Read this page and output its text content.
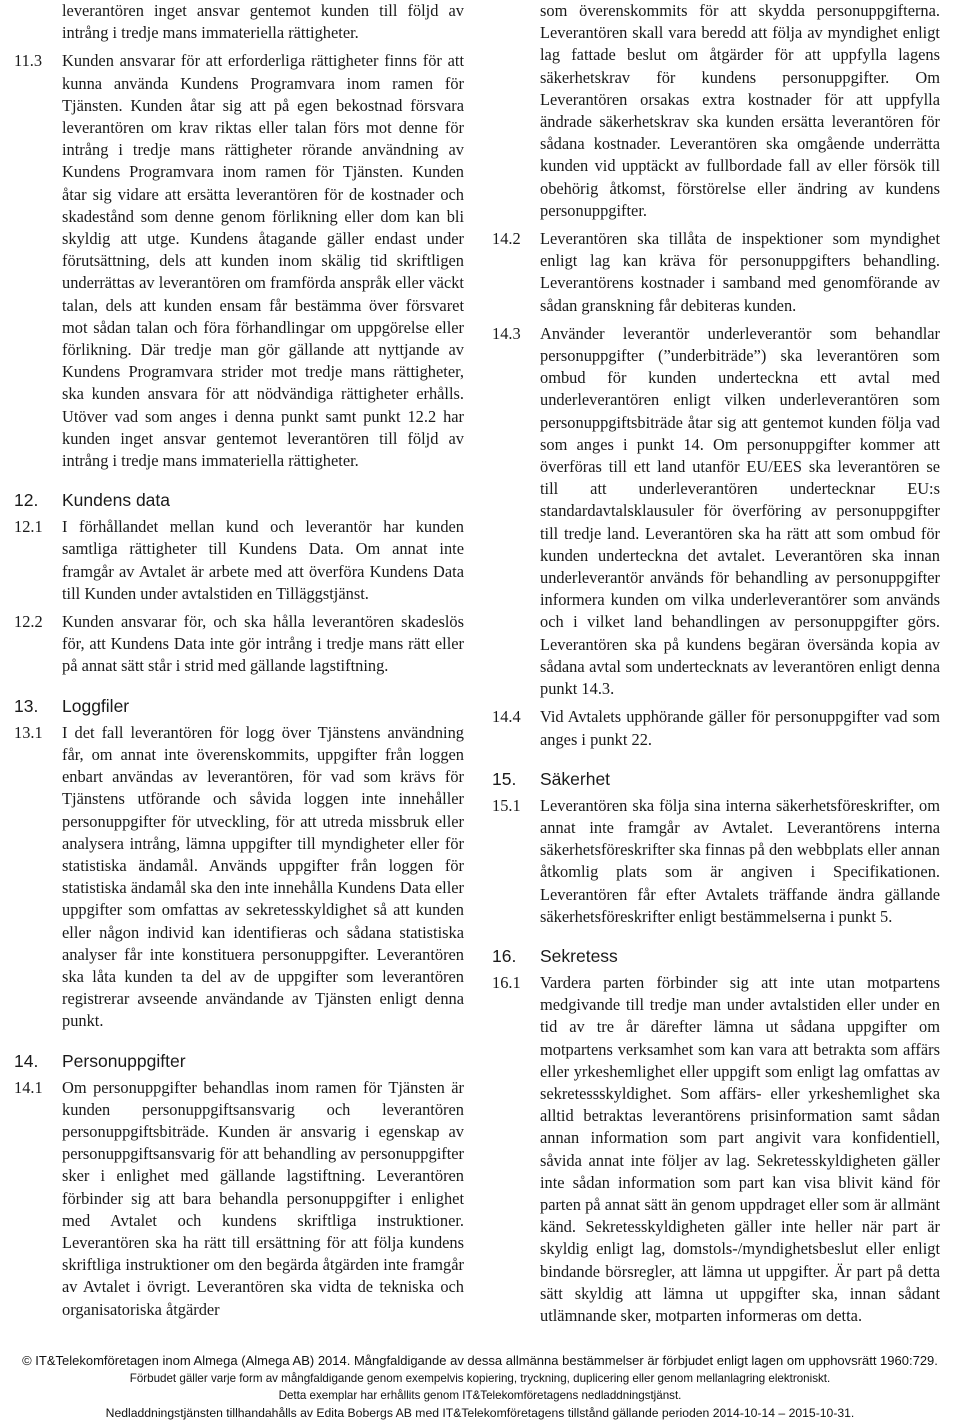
leverantören inget ansvar gentemot kunden till följd av intrång i tredje mans immateriella rättigheter.
11.3	Kunden ansvarar för att erforderliga rättigheter finns för att kunna använda Kundens Programvara inom ramen för Tjänsten. Kunden åtar sig att på egen bekostnad försvara leverantören om krav riktas eller talan förs mot denne för intrång i tredje mans rättigheter rörande användning av Kundens Programvara inom ramen för Tjänsten. Kunden åtar sig vidare att ersätta leverantören för de kostnader och skadestånd som denne genom förlikning eller dom kan bli skyldig att utge. Kundens åtagande gäller endast under förutsättning, dels att kunden inom skälig tid skriftligen underrättas av leverantören om framförda anspråk eller väckt talan, dels att kunden ensam får bestämma över försvaret mot sådan talan och föra förhandlingar om uppgörelse eller förlikning. Där tredje man gör gällande att nyttjande av Kundens Programvara strider mot tredje mans rättigheter, ska kunden ansvara för att nödvändiga rättigheter erhålls. Utöver vad som anges i denna punkt samt punkt 12.2 har kunden inget ansvar gentemot leverantören till följd av intrång i tredje mans immateriella rättigheter.
12.	Kundens data
12.1	I förhållandet mellan kund och leverantör har kunden samtliga rättigheter till Kundens Data. Om annat inte framgår av Avtalet är arbete med att överföra Kundens Data till Kunden under avtalstiden en Tilläggstjänst.
12.2	Kunden ansvarar för, och ska hålla leverantören skadeslös för, att Kundens Data inte gör intrång i tredje mans rätt eller på annat sätt står i strid med gällande lagstiftning.
13.	Loggfiler
13.1	I det fall leverantören för logg över Tjänstens användning får, om annat inte överenskommits, uppgifter från loggen enbart användas av leverantören, för vad som krävs för Tjänstens utförande och såvida loggen inte innehåller personuppgifter för utveckling, för att utreda missbruk eller analysera intrång, lämna uppgifter till myndigheter eller för statistiska ändamål. Används uppgifter från loggen för statistiska ändamål ska den inte innehålla Kundens Data eller uppgifter som omfattas av sekretesskyldighet så att kunden eller någon individ kan identifieras och sådana statistiska analyser får inte konstituera personuppgifter. Leverantören ska låta kunden ta del av de uppgifter som leverantören registrerar avseende användande av Tjänsten enligt denna punkt.
14.	Personuppgifter
14.1	Om personuppgifter behandlas inom ramen för Tjänsten är kunden personuppgiftsansvarig och leverantören personuppgiftsbiträde. Kunden är ansvarig i egenskap av personuppgiftsansvarig för att behandling av personuppgifter sker i enlighet med gällande lagstiftning. Leverantören förbinder sig att bara behandla personuppgifter i enlighet med Avtalet och kundens skriftliga instruktioner. Leverantören ska ha rätt till ersättning för att följa kundens skriftliga instruktioner om den begärda åtgärden inte framgår av Avtalet i övrigt. Leverantören ska vidta de tekniska och organisatoriska åtgärder
som överenskommits för att skydda personuppgifterna. Leverantören skall vara beredd att följa av myndighet enligt lag fattade beslut om åtgärder för att uppfylla lagens säkerhetskrav för kundens personuppgifter. Om Leverantören orsakas extra kostnader för att uppfylla ändrade säkerhetskrav ska kunden ersätta leverantören för sådana kostnader. Leverantören ska omgående underrätta kunden vid upptäckt av fullbordade fall av eller försök till obehörig åtkomst, förstörelse eller ändring av kundens personuppgifter.
14.2	Leverantören ska tillåta de inspektioner som myndighet enligt lag kan kräva för personuppgifters behandling. Leverantörens kostnader i samband med genomförande av sådan granskning får debiteras kunden.
14.3	Använder leverantör underleverantör som behandlar personuppgifter (”underbiträde”) ska leverantören som ombud för kunden underteckna ett avtal med underleverantören enligt vilken underleverantören som personuppgiftsbiträde åtar sig att gentemot kunden följa vad som anges i punkt 14. Om personuppgifter kommer att överföras till ett land utanför EU/EES ska leverantören se till att underleverantören undertecknar EU:s standardavtalsklausuler för överföring av personuppgifter till tredje land. Leverantören ska ha rätt att som ombud för kunden underteckna det avtalet. Leverantören ska innan underleverantör används för behandling av personuppgifter informera kunden om vilka underleverantörer som används och i vilket land behandlingen av personuppgifter görs. Leverantören ska på kundens begäran översända kopia av sådana avtal som undertecknats av leverantören enligt denna punkt 14.3.
14.4	Vid Avtalets upphörande gäller för personuppgifter vad som anges i punkt 22.
15.	Säkerhet
15.1	Leverantören ska följa sina interna säkerhetsföreskrifter, om annat inte framgår av Avtalet. Leverantörens interna säkerhetsföreskrifter ska finnas på den webbplats eller annan åtkomlig plats som är angiven i Specifikationen. Leverantören får efter Avtalets träffande ändra gällande säkerhetsföreskrifter enligt bestämmelserna i punkt 5.
16.	Sekretess
16.1	Vardera parten förbinder sig att inte utan motpartens medgivande till tredje man under avtalstiden eller under en tid av tre år därefter lämna ut sådana uppgifter om motpartens verksamhet som kan vara att betrakta som affärs eller yrkeshemlighet eller uppgift som enligt lag omfattas av sekretessskyldighet. Som affärs- eller yrkeshemlighet ska alltid betraktas leverantörens prisinformation samt sådan annan information som part angivit vara konfidentiell, såvida annat inte följer av lag. Sekretesskyldigheten gäller inte sådan information som part kan visa blivit känd för parten på annat sätt än genom uppdraget eller som är allmänt känd. Sekretesskyldigheten gäller inte heller när part är skyldig enligt lag, domstols-/myndighetsbeslut eller enligt bindande börsregler, att lämna ut uppgifter. Är part på detta sätt skyldig att lämna ut uppgifter ska, innan sådant utlämnande sker, motparten informeras om detta.
© IT&Telekomföretagen inom Almega (Almega AB) 2014. Mångfaldigande av dessa allmänna bestämmelser är förbjudet enligt lagen om upphovsrätt 1960:729.
Förbudet gäller varje form av mångfaldigande genom exempelvis kopiering, tryckning, duplicering eller genom mellanlagring elektroniskt.
Detta exemplar har erhållits genom IT&Telekomföretagens nedladdningstjänst.
Nedladdningstjänsten tillhandahålls av Edita Bobergs AB med IT&Telekomföretagens tillstånd gällande perioden 2014-10-14 – 2015-10-31.
